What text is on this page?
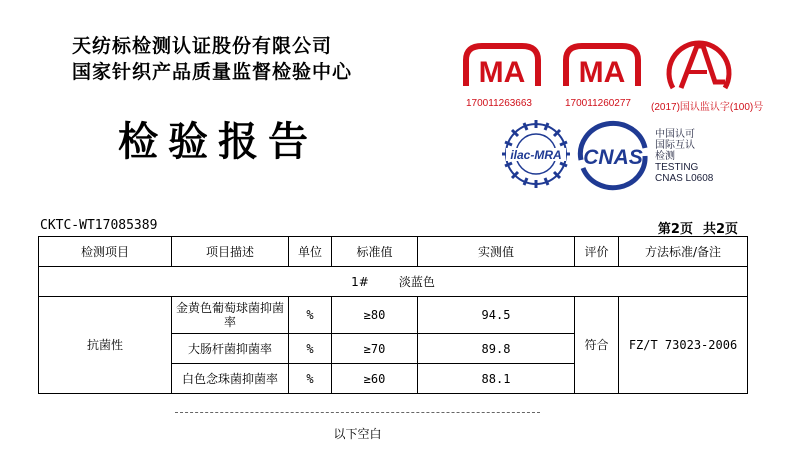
天纺标检测认证股份有限公司
国家针织产品质量监督检验中心
检验报告
MA
170011263663
MA
170011260277 (2017)国认监认字(100)号
ilac-MRA CNAS
中国认可
国际互认
检测
TESTING
CNAS L0608
CKTC-WT17085389	第2页 共2页
检测项目	项目描述	单位	标准值	实测值	评价	方法标准/备注
1# 淡蓝色						
抗菌性	金黄色葡萄球菌抑菌率	%	≥80	94.5	符合	FZ/T 73023-2006
	大肠杆菌抑菌率	%	≥70	89.8		
	白色念珠菌抑菌率	%	≥60	88.1		
以下空白
